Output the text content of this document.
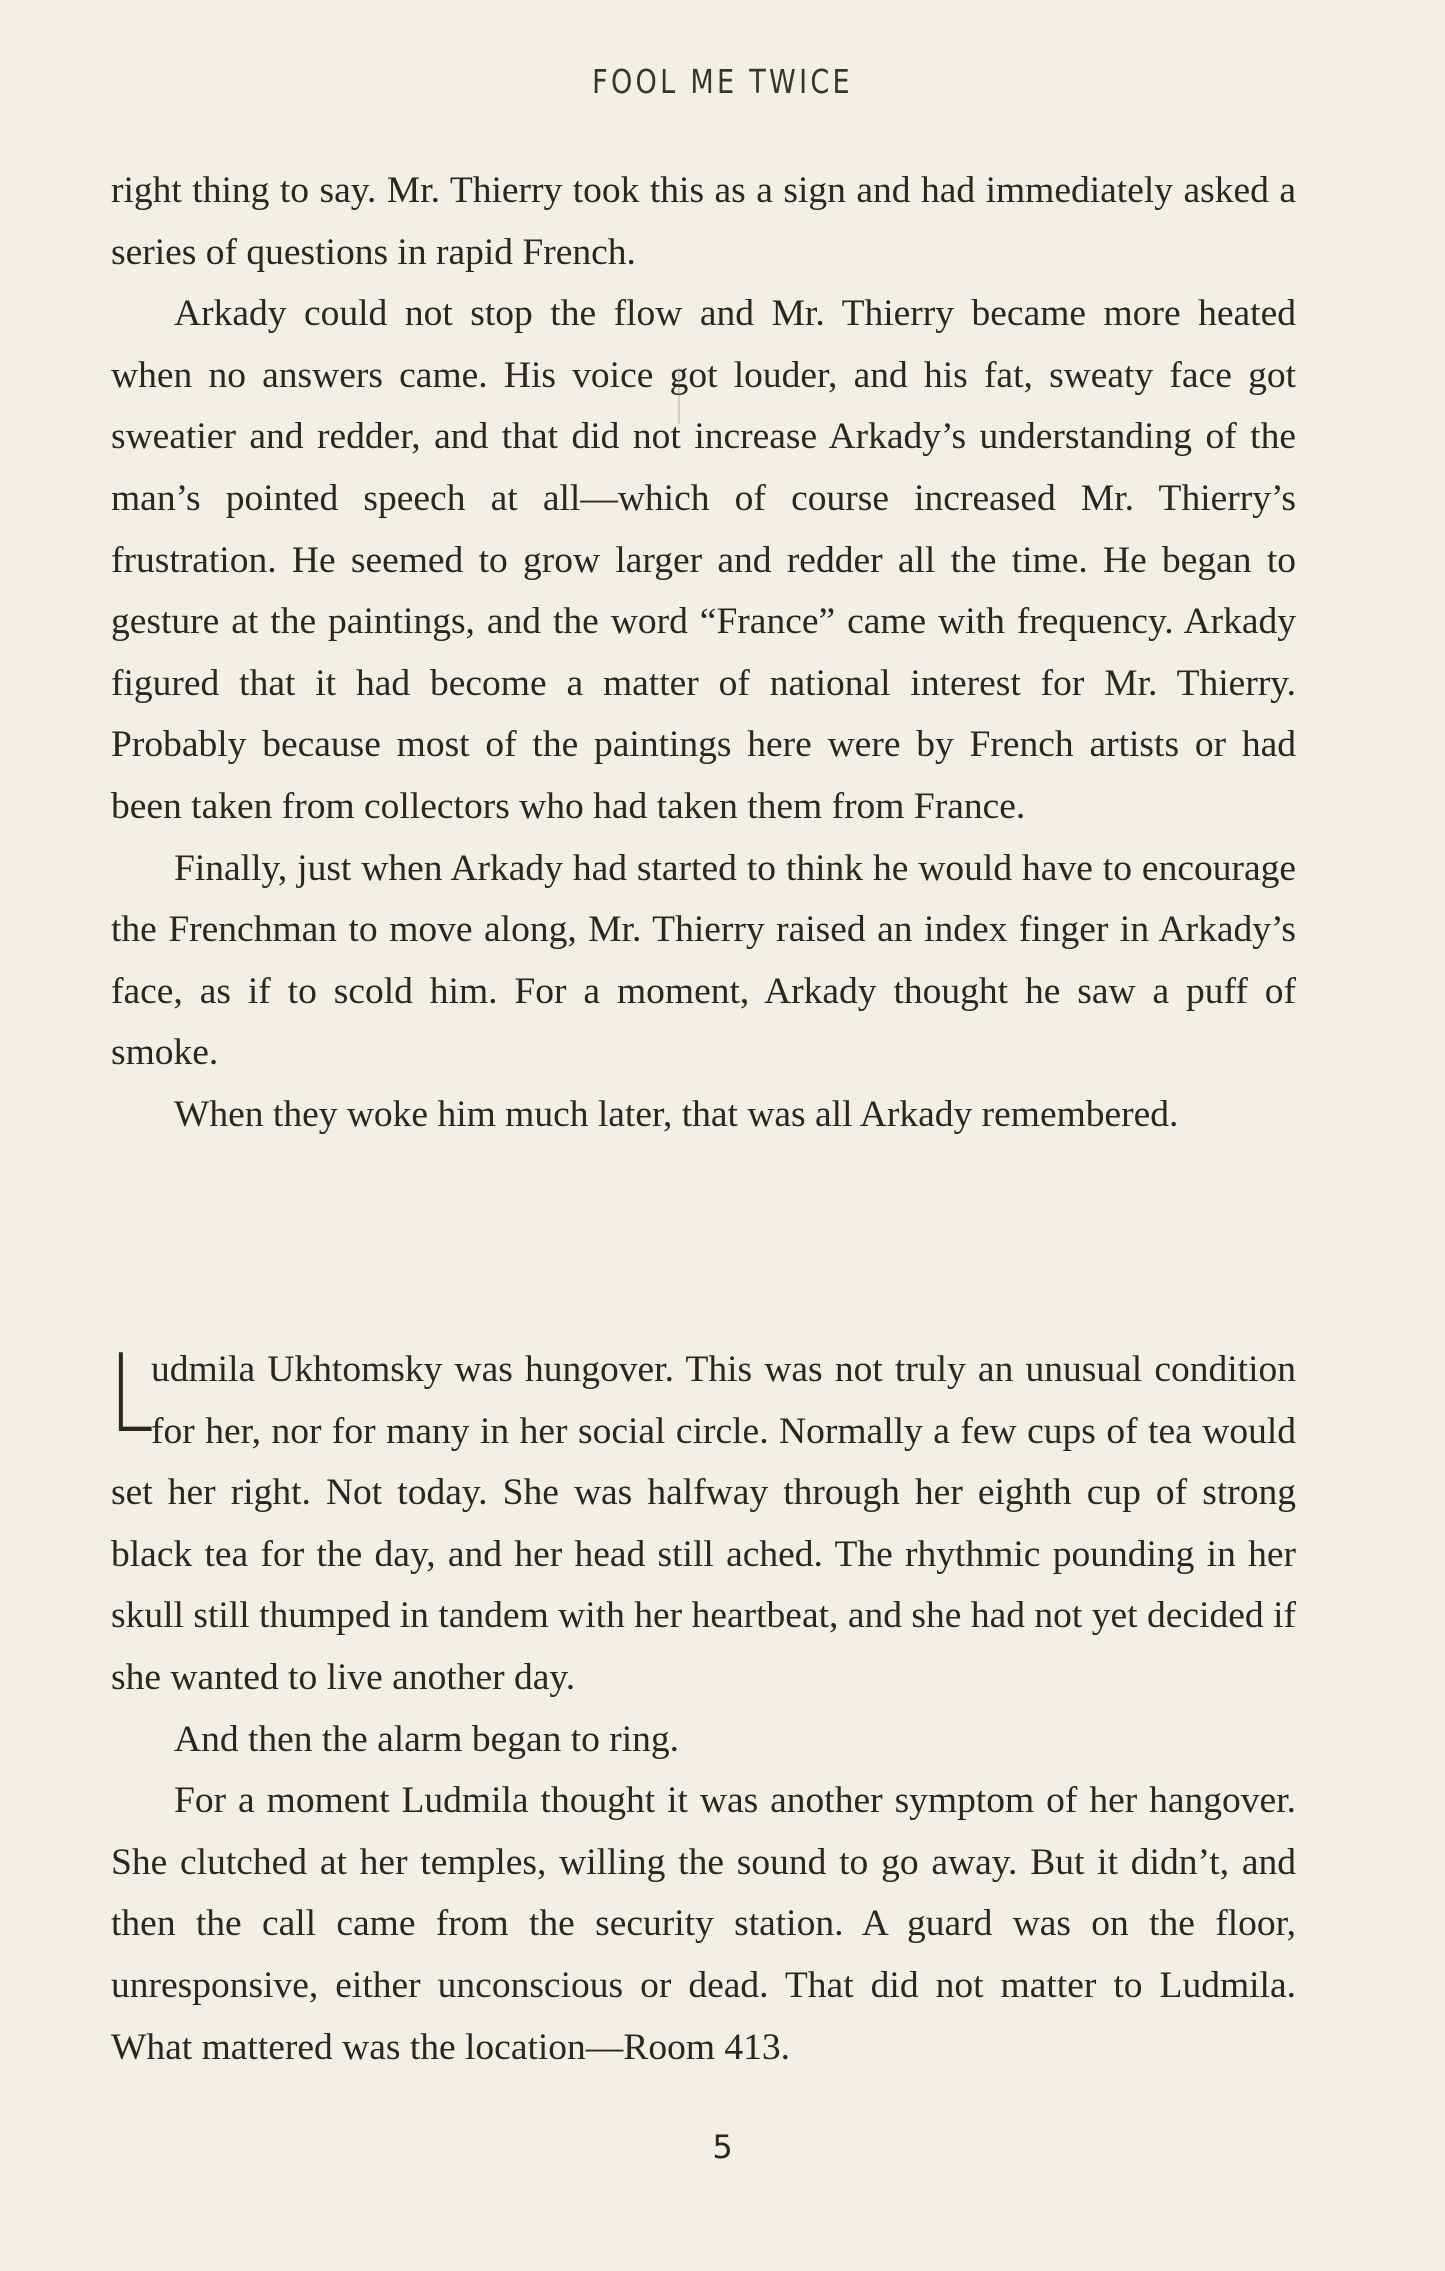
FOOL ME TWICE

right thing to say. Mr. Thierry took this as a sign and had immediately asked a series of questions in rapid French.

Arkady could not stop the flow and Mr. Thierry became more heated when no answers came. His voice got louder, and his fat, sweaty face got sweatier and redder, and that did not increase Arkady’s understanding of the man’s pointed speech at all—which of course increased Mr. Thierry’s frustration. He seemed to grow larger and redder all the time. He began to gesture at the paintings, and the word “France” came with frequency. Arkady figured that it had become a matter of national interest for Mr. Thierry. Probably because most of the paintings here were by French artists or had been taken from collectors who had taken them from France.

Finally, just when Arkady had started to think he would have to encourage the Frenchman to move along, Mr. Thierry raised an index finger in Arkady’s face, as if to scold him. For a moment, Arkady thought he saw a puff of smoke.

When they woke him much later, that was all Arkady remembered.

L
udmila Ukhtomsky was hungover. This was not truly an unusual condition for her, nor for many in her social circle. Normally a few cups of tea would set her right. Not today. She was halfway through her eighth cup of strong black tea for the day, and her head still ached. The rhythmic pounding in her skull still thumped in tandem with her heartbeat, and she had not yet decided if she wanted to live another day.

And then the alarm began to ring.

For a moment Ludmila thought it was another symptom of her hangover. She clutched at her temples, willing the sound to go away. But it didn’t, and then the call came from the security station. A guard was on the floor, unresponsive, either unconscious or dead. That did not matter to Ludmila. What mattered was the location—Room 413.

5
